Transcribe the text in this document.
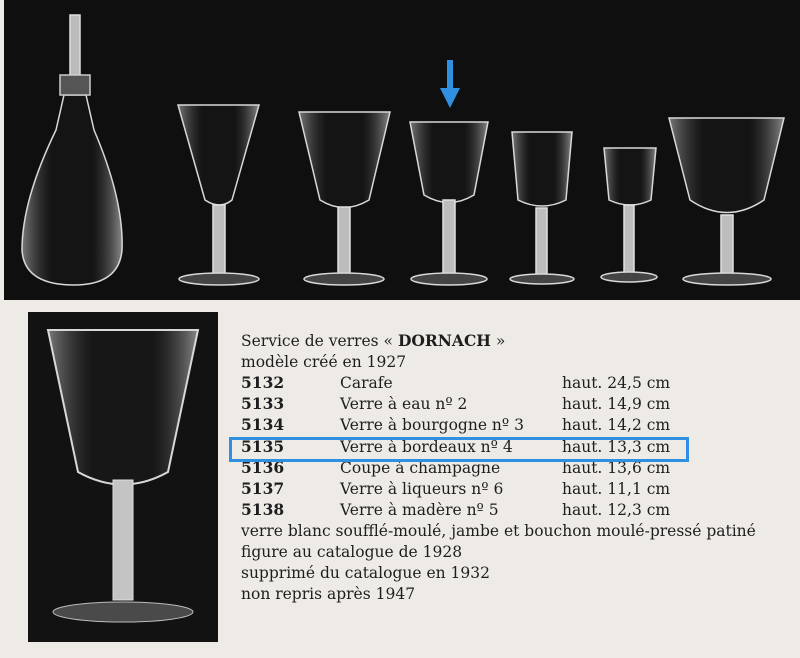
Service de verres « DORNACH »
modèle créé en 1927
5132	Carafe	haut. 24,5 cm
5133	Verre à eau nº 2	haut. 14,9 cm
5134	Verre à bourgogne nº 3 haut. 14,2 cm
5135	Verre à bordeaux nº 4	haut. 13,3 cm
5136	Coupe à champagne	haut. 13,6 cm
5137	Verre à liqueurs nº 6	haut. 11,1 cm
5138	Verre à madère nº 5	haut. 12,3 cm
verre blanc soufflé-moulé, jambe et bouchon moulé-pressé patiné
figure au catalogue de 1928
supprimé du catalogue en 1932
non repris après 1947
